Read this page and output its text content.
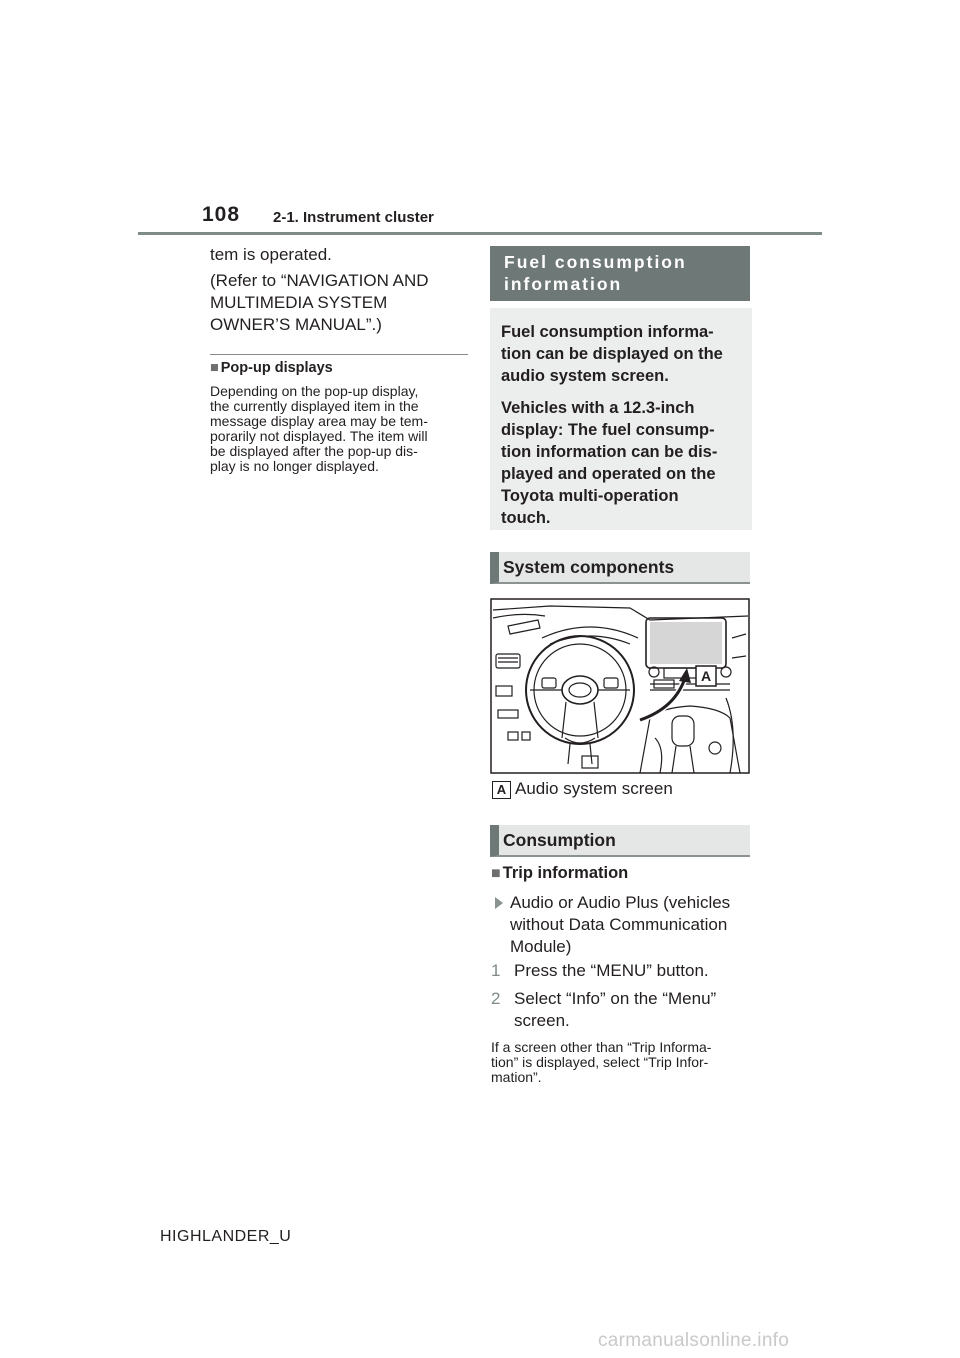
108 2-1. Instrument cluster
tem is operated.
(Refer to “NAVIGATION AND
MULTIMEDIA SYSTEM
OWNER’S MANUAL”.)
■ Pop-up displays
Depending on the pop-up display,
the currently displayed item in the
message display area may be tem-
porarily not displayed. The item will
be displayed after the pop-up dis-
play is no longer displayed.
Fuel consumption
information

Fuel consumption informa-
tion can be displayed on the
audio system screen.

Vehicles with a 12.3-inch
display: The fuel consump-
tion information can be dis-
played and operated on the
Toyota multi-operation
touch.

System components
A
A Audio system screen
Consumption
■ Trip information
Audio or Audio Plus (vehicles
without Data Communication
Module)
1 Press the “MENU” button.
2 Select “Info” on the “Menu”
screen.
If a screen other than “Trip Informa-
tion” is displayed, select “Trip Infor-
mation”.
HIGHLANDER_U
carmanualsonline.info
